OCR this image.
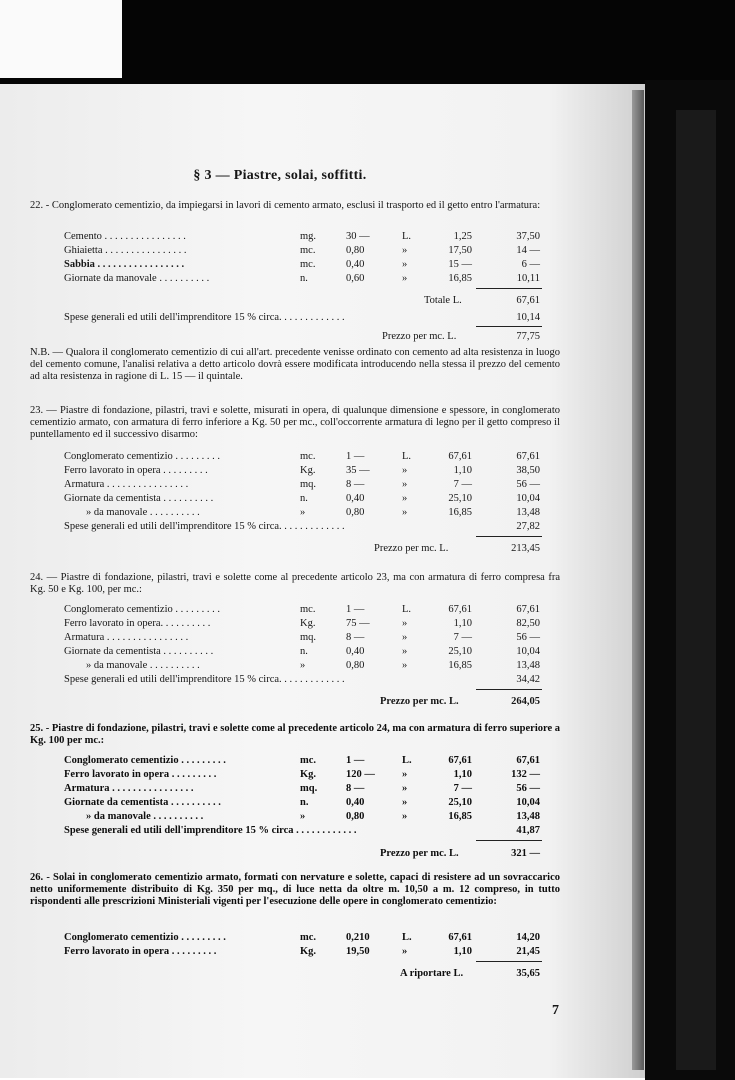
§ 3 — Piastre, solai, soffitti.
22. - Conglomerato cementizio, da impiegarsi in lavori di cemento armato, esclusi il trasporto ed il getto entro l'armatura:
Cemento . . . . . . . . . . . . . . . .	mg.	30 —	L.	1,25	37,50
Ghiaietta . . . . . . . . . . . . . . . .	mc.	0,80	»	17,50	14 —
Sabbia . . . . . . . . . . . . . . . . .	mc.	0,40	»	15 —	6 —
Giornate da manovale . . . . . . . . . .	n.	0,60	»	16,85	10,11
Totale L.	67,61
Spese generali ed utili dell'imprenditore 15 % circa. . . . . . . . . . . . .	10,14
Prezzo per mc. L.	77,75
N.B. — Qualora il conglomerato cementizio di cui all'art. precedente venisse ordinato con cemento ad alta resistenza in luogo del cemento comune, l'analisi relativa a detto articolo dovrà essere modificata introducendo nella stessa il prezzo del cemento ad alta resistenza in ragione di L. 15 — il quintale.
23. — Piastre di fondazione, pilastri, travi e solette, misurati in opera, di qualunque dimensione e spessore, in conglomerato cementizio armato, con armatura di ferro inferiore a Kg. 50 per mc., coll'occorrente armatura di legno per il getto compreso il puntellamento ed il successivo disarmo:
Conglomerato cementizio . . . . . . . . .	mc.	1 —	L.	67,61	67,61
Ferro lavorato in opera . . . . . . . . .	Kg.	35 —	»	1,10	38,50
Armatura . . . . . . . . . . . . . . . .	mq.	8 —	»	7 —	56 —
Giornate da cementista . . . . . . . . . .	n.	0,40	»	25,10	10,04
» da manovale . . . . . . . . . .	»	0,80	»	16,85	13,48
Spese generali ed utili dell'imprenditore 15 % circa. . . . . . . . . . . . .	27,82
Prezzo per mc. L.	213,45
24. — Piastre di fondazione, pilastri, travi e solette come al precedente articolo 23, ma con armatura di ferro compresa fra Kg. 50 e Kg. 100, per mc.:
Conglomerato cementizio . . . . . . . . .	mc.	1 —	L.	67,61	67,61
Ferro lavorato in opera. . . . . . . . . .	Kg.	75 —	»	1,10	82,50
Armatura . . . . . . . . . . . . . . . .	mq.	8 —	»	7 —	56 —
Giornate da cementista . . . . . . . . . .	n.	0,40	»	25,10	10,04
» da manovale . . . . . . . . . .	»	0,80	»	16,85	13,48
Spese generali ed utili dell'imprenditore 15 % circa. . . . . . . . . . . . .	34,42
Prezzo per mc. L.	264,05
25. - Piastre di fondazione, pilastri, travi e solette come al precedente articolo 24, ma con armatura di ferro superiore a Kg. 100 per mc.:
Conglomerato cementizio . . . . . . . . .	mc.	1 —	L.	67,61	67,61
Ferro lavorato in opera . . . . . . . . .	Kg.	120 —	»	1,10	132 —
Armatura . . . . . . . . . . . . . . . .	mq.	8 —	»	7 —	56 —
Giornate da cementista . . . . . . . . . .	n.	0,40	»	25,10	10,04
» da manovale . . . . . . . . . .	»	0,80	»	16,85	13,48
Spese generali ed utili dell'imprenditore 15 % circa . . . . . . . . . . . .	41,87
Prezzo per mc. L.	321 —
26. - Solai in conglomerato cementizio armato, formati con nervature e solette, capaci di resistere ad un sovraccarico netto uniformemente distribuito di Kg. 350 per mq., di luce netta da oltre m. 10,50 a m. 12 compreso, in tutto rispondenti alle prescrizioni Ministeriali vigenti per l'esecuzione delle opere in conglomerato cementizio:
Conglomerato cementizio . . . . . . . . .	mc.	0,210	L.	67,61	14,20
Ferro lavorato in opera . . . . . . . . .	Kg.	19,50	»	1,10	21,45
A riportare L.	35,65
7
